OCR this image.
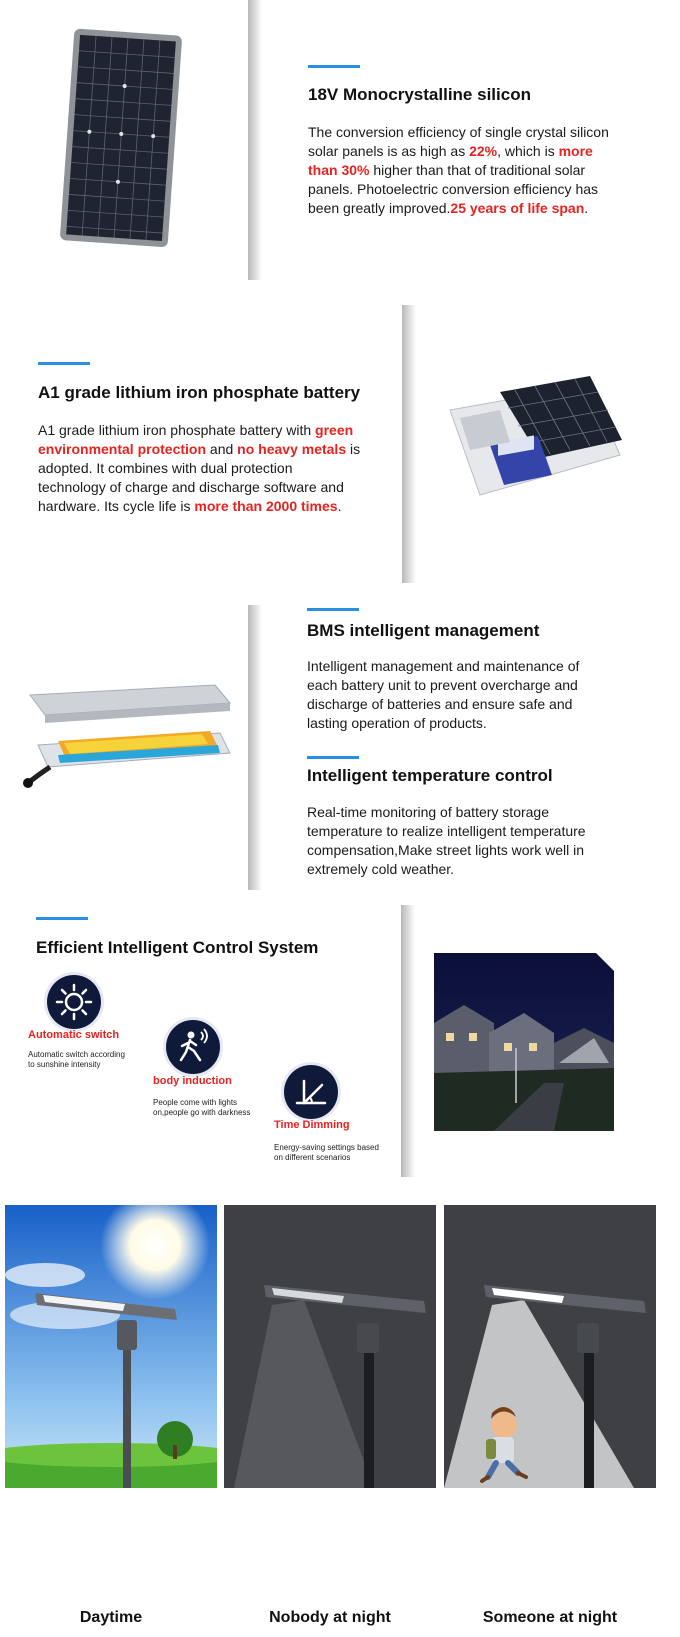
18V Monocrystalline silicon
The conversion efficiency of single crystal silicon solar panels is as high as 22%, which is more than 30% higher than that of traditional solar panels. Photoelectric conversion efficiency has been greatly improved.25 years of life span.
A1 grade lithium iron phosphate battery
A1 grade lithium iron phosphate battery with green environmental protection and no heavy metals is adopted. It combines with dual protection technology of charge and discharge software and hardware. Its cycle life is more than 2000 times.
BMS intelligent management
Intelligent management and maintenance of each battery unit to prevent overcharge and discharge of batteries and ensure safe and lasting operation of products.
Intelligent temperature control
Real-time monitoring of battery storage temperature to realize intelligent temperature compensation,Make street lights work well in extremely cold weather.
Efficient Intelligent Control System
Automatic switch
Automatic switch according
to sunshine intensity
body induction
People come with lights
on,people go with darkness
Time Dimming
Energy-saving settings based
on different scenarios
Daytime	Nobody at night	Someone at night
